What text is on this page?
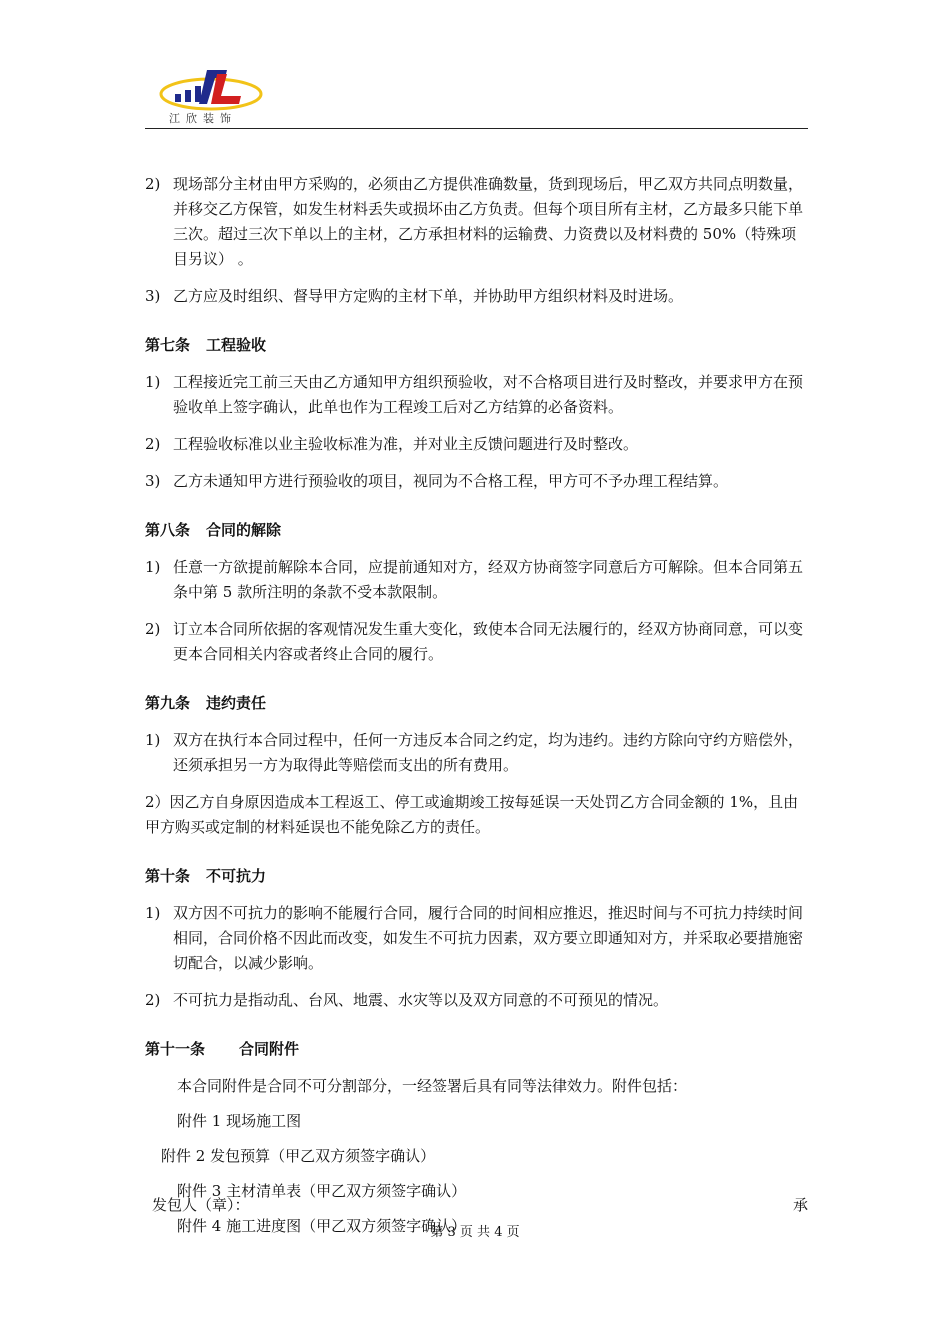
江欣装饰
2) 现场部分主材由甲方采购的，必须由乙方提供准确数量，货到现场后，甲乙双方共同点明数量，并移交乙方保管，如发生材料丢失或损坏由乙方负责。但每个项目所有主材，乙方最多只能下单三次。超过三次下单以上的主材，乙方承担材料的运输费、力资费以及材料费的 50%（特殊项目另议） 。
3) 乙方应及时组织、督导甲方定购的主材下单，并协助甲方组织材料及时进场。
第七条 工程验收
1) 工程接近完工前三天由乙方通知甲方组织预验收，对不合格项目进行及时整改，并要求甲方在预验收单上签字确认，此单也作为工程竣工后对乙方结算的必备资料。
2) 工程验收标准以业主验收标准为准，并对业主反馈问题进行及时整改。
3) 乙方未通知甲方进行预验收的项目，视同为不合格工程，甲方可不予办理工程结算。
第八条 合同的解除
1) 任意一方欲提前解除本合同，应提前通知对方，经双方协商签字同意后方可解除。但本合同第五条中第 5 款所注明的条款不受本款限制。
2) 订立本合同所依据的客观情况发生重大变化，致使本合同无法履行的，经双方协商同意，可以变更本合同相关内容或者终止合同的履行。
第九条 违约责任
1) 双方在执行本合同过程中，任何一方违反本合同之约定，均为违约。违约方除向守约方赔偿外，还须承担另一方为取得此等赔偿而支出的所有费用。
2）因乙方自身原因造成本工程返工、停工或逾期竣工按每延误一天处罚乙方合同金额的 1%，且由甲方购买或定制的材料延误也不能免除乙方的责任。
第十条 不可抗力
1) 双方因不可抗力的影响不能履行合同，履行合同的时间相应推迟，推迟时间与不可抗力持续时间相同，合同价格不因此而改变，如发生不可抗力因素，双方要立即通知对方，并采取必要措施密切配合，以减少影响。
2) 不可抗力是指动乱、台风、地震、水灾等以及双方同意的不可预见的情况。
第十一条 合同附件
本合同附件是合同不可分割部分，一经签署后具有同等法律效力。附件包括：
附件 1 现场施工图
附件 2 发包预算（甲乙双方须签字确认）
附件 3 主材清单表（甲乙双方须签字确认）
附件 4 施工进度图（甲乙双方须签字确认）
发包人（章）：	承
第 3 页 共 4 页
